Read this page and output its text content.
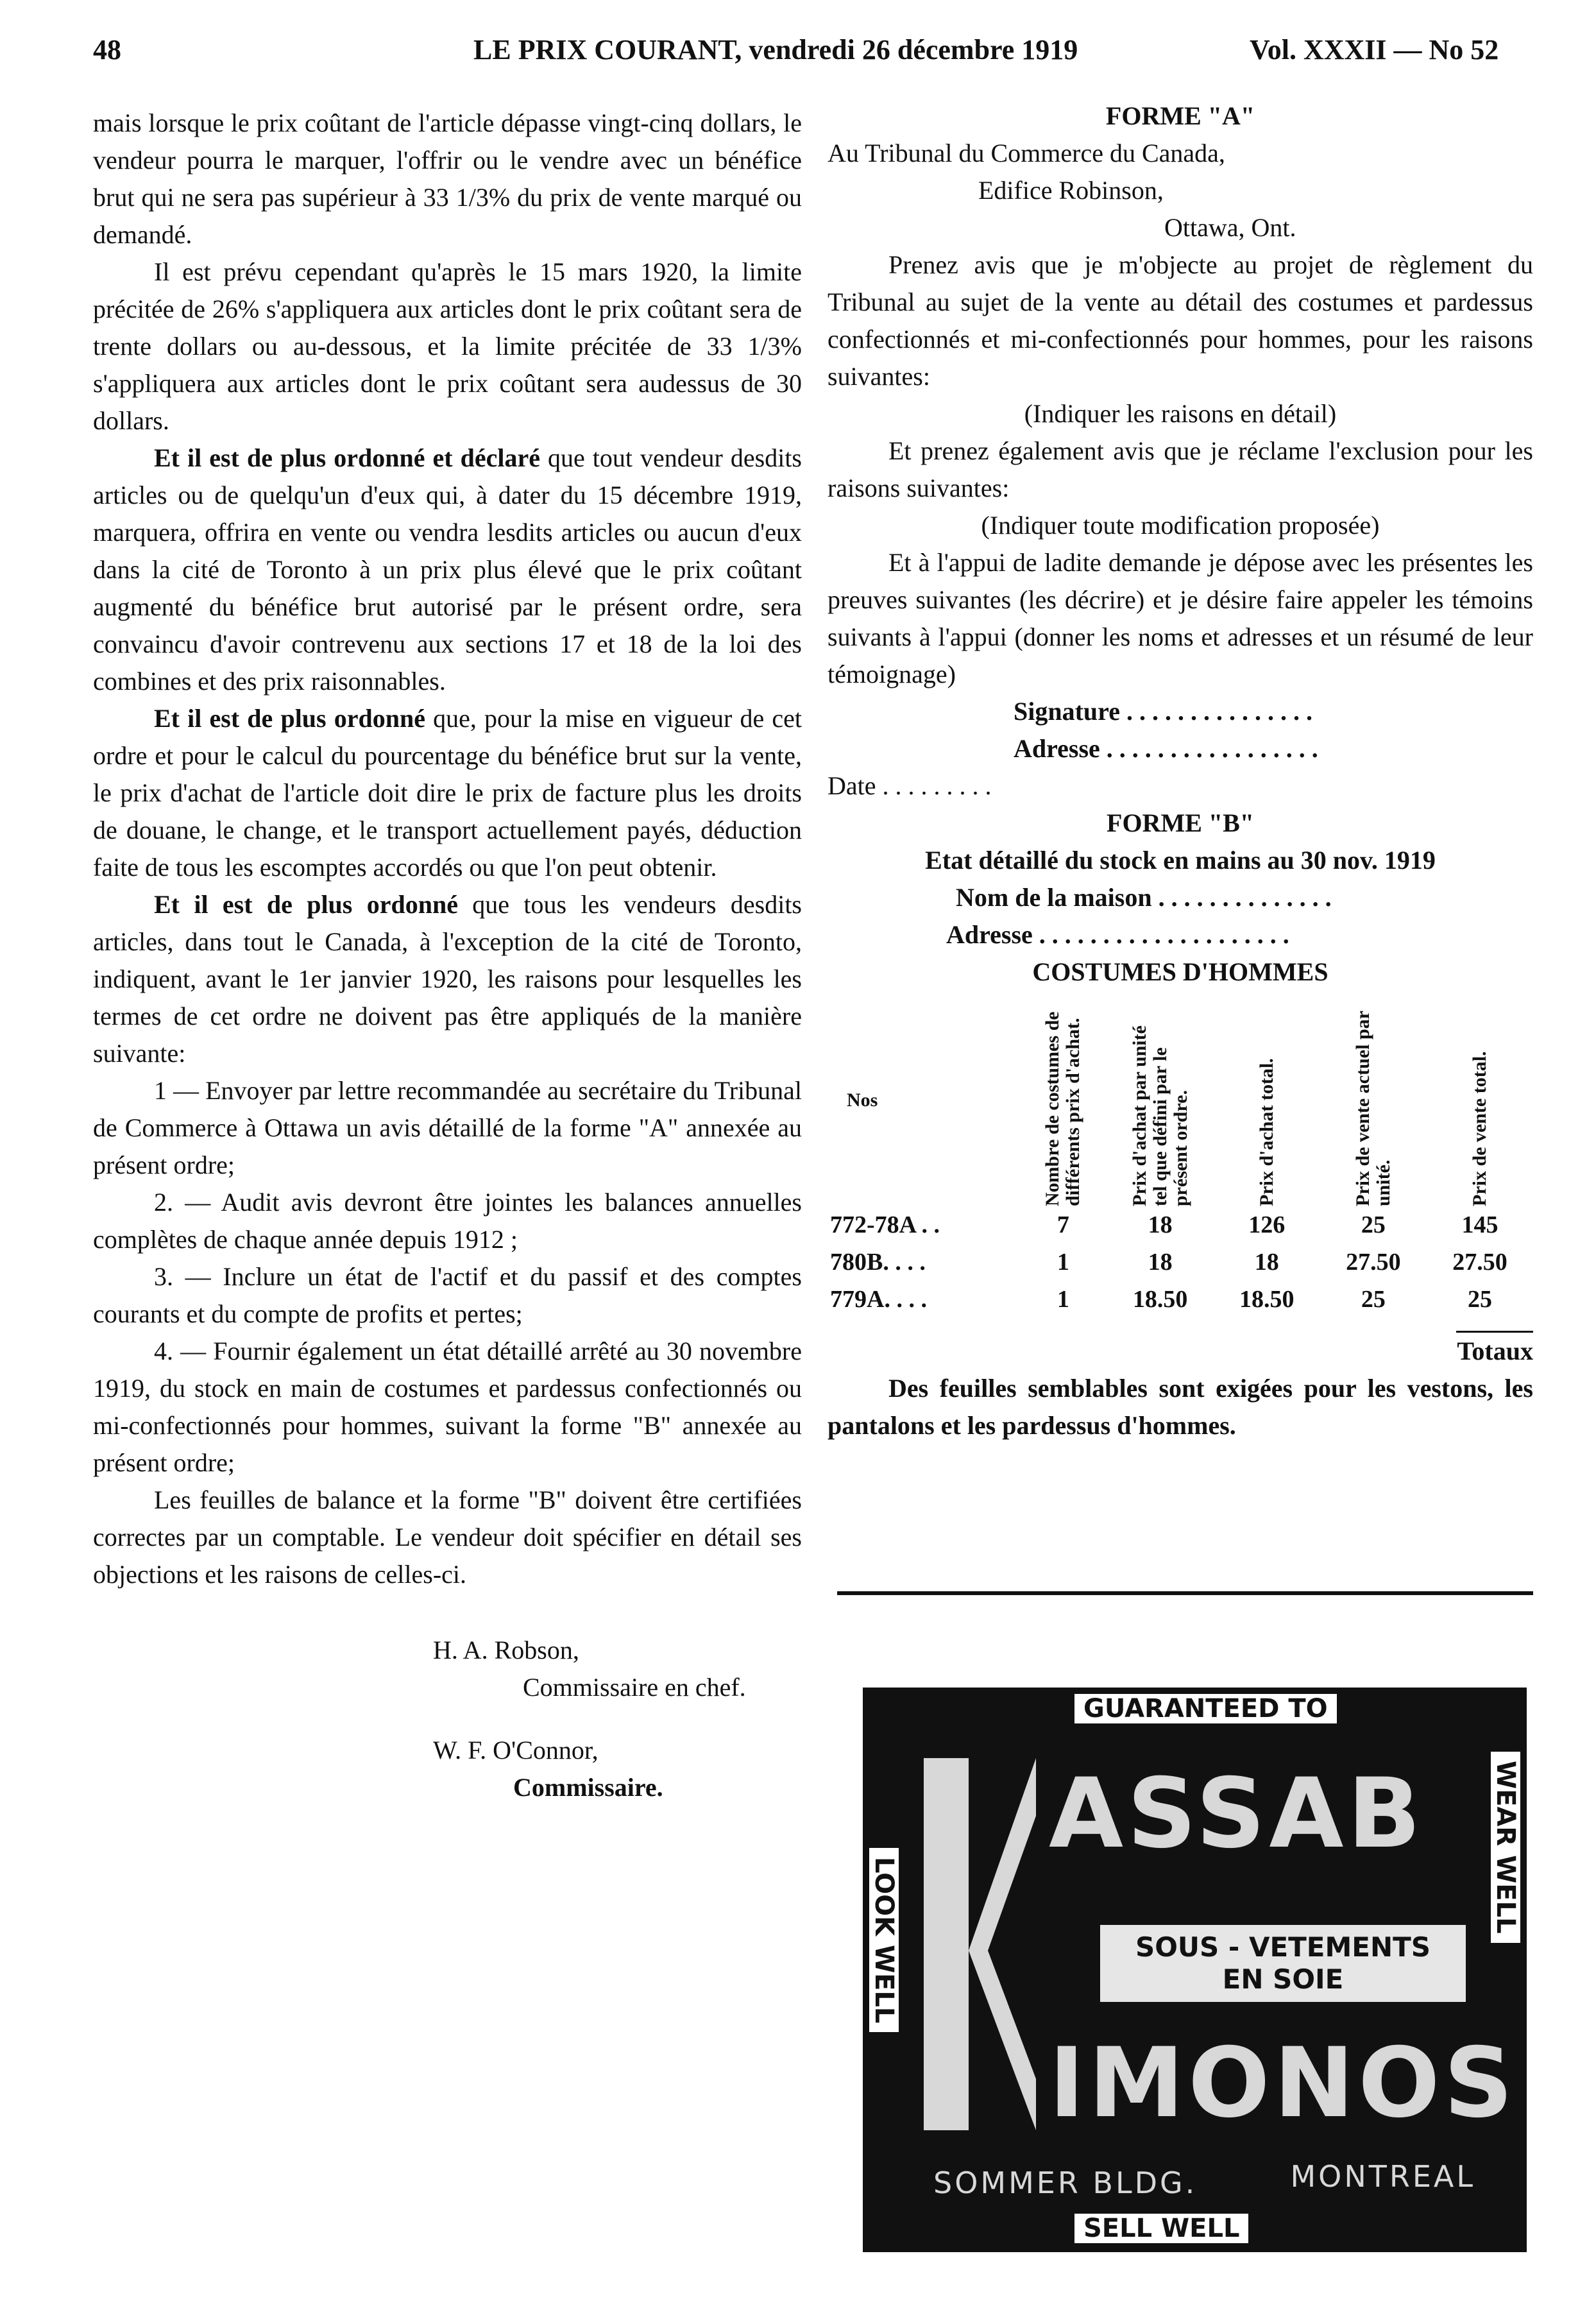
48	LE PRIX COURANT, vendredi 26 décembre 1919	Vol. XXXII — No 52

mais lorsque le prix coûtant de l'article dépasse vingt-cinq dollars, le vendeur pourra le marquer, l'offrir ou le vendre avec un bénéfice brut qui ne sera pas supérieur à 33 1/3% du prix de vente marqué ou demandé.

Il est prévu cependant qu'après le 15 mars 1920, la limite précitée de 26% s'appliquera aux articles dont le prix coûtant sera de trente dollars ou au-dessous, et la limite précitée de 33 1/3% s'appliquera aux articles dont le prix coûtant sera audessus de 30 dollars.

Et il est de plus ordonné et déclaré que tout vendeur desdits articles ou de quelqu'un d'eux qui, à dater du 15 décembre 1919, marquera, offrira en vente ou vendra lesdits articles ou aucun d'eux dans la cité de Toronto à un prix plus élevé que le prix coûtant augmenté du bénéfice brut autorisé par le présent ordre, sera convaincu d'avoir contrevenu aux sections 17 et 18 de la loi des combines et des prix raisonnables.

Et il est de plus ordonné que, pour la mise en vigueur de cet ordre et pour le calcul du pourcentage du bénéfice brut sur la vente, le prix d'achat de l'article doit dire le prix de facture plus les droits de douane, le change, et le transport actuellement payés, déduction faite de tous les escomptes accordés ou que l'on peut obtenir.

Et il est de plus ordonné que tous les vendeurs desdits articles, dans tout le Canada, à l'exception de la cité de Toronto, indiquent, avant le 1er janvier 1920, les raisons pour lesquelles les termes de cet ordre ne doivent pas être appliqués de la manière suivante:

1 — Envoyer par lettre recommandée au secrétaire du Tribunal de Commerce à Ottawa un avis détaillé de la forme "A" annexée au présent ordre;

2. — Audit avis devront être jointes les balances annuelles complètes de chaque année depuis 1912 ;

3. — Inclure un état de l'actif et du passif et des comptes courants et du compte de profits et pertes;

4. — Fournir également un état détaillé arrêté au 30 novembre 1919, du stock en main de costumes et pardessus confectionnés ou mi-confectionnés pour hommes, suivant la forme "B" annexée au présent ordre;

Les feuilles de balance et la forme "B" doivent être certifiées correctes par un comptable. Le vendeur doit spécifier en détail ses objections et les raisons de celles-ci.

H. A. Robson,

Commissaire en chef.

W. F. O'Connor,

Commissaire.

FORME "A"

Au Tribunal du Commerce du Canada,

Edifice Robinson,

Ottawa, Ont.

Prenez avis que je m'objecte au projet de règlement du Tribunal au sujet de la vente au détail des costumes et pardessus confectionnés et mi-confectionnés pour hommes, pour les raisons suivantes:

(Indiquer les raisons en détail)

Et prenez également avis que je réclame l'exclusion pour les raisons suivantes:

(Indiquer toute modification proposée)

Et à l'appui de ladite demande je dépose avec les présentes les preuves suivantes (les décrire) et je désire faire appeler les témoins suivants à l'appui (donner les noms et adresses et un résumé de leur témoignage)

Signature . . . . . . . . . . . . . . .
Adresse . . . . . . . . . . . . . . . . .
Date . . . . . . . . .

FORME "B"

Etat détaillé du stock en mains au 30 nov. 1919

Nom de la maison . . . . . . . . . . . . . .
Adresse . . . . . . . . . . . . . . . . . . . .

COSTUMES D'HOMMES

Nos	Nombre de costumes de différents prix d'achat.	Prix d'achat par unité tel que défini par le présent ordre.	Prix d'achat total.	Prix de vente actuel par unité.	Prix de vente total.

772-78A . .	7	18	126	25	145
780B. . . .	1	18	18	27.50	27.50
779A. . . .	1	18.50	18.50	25	25

Totaux

Des feuilles semblables sont exigées pour les vestons, les pantalons et les pardessus d'hommes.

GUARANTEED TO
LOOK WELL
WEAR WELL
SELL WELL
ASSAB
SOUS - VETEMENTS
EN SOIE
IMONOS
SOMMER BLDG.	MONTREAL
